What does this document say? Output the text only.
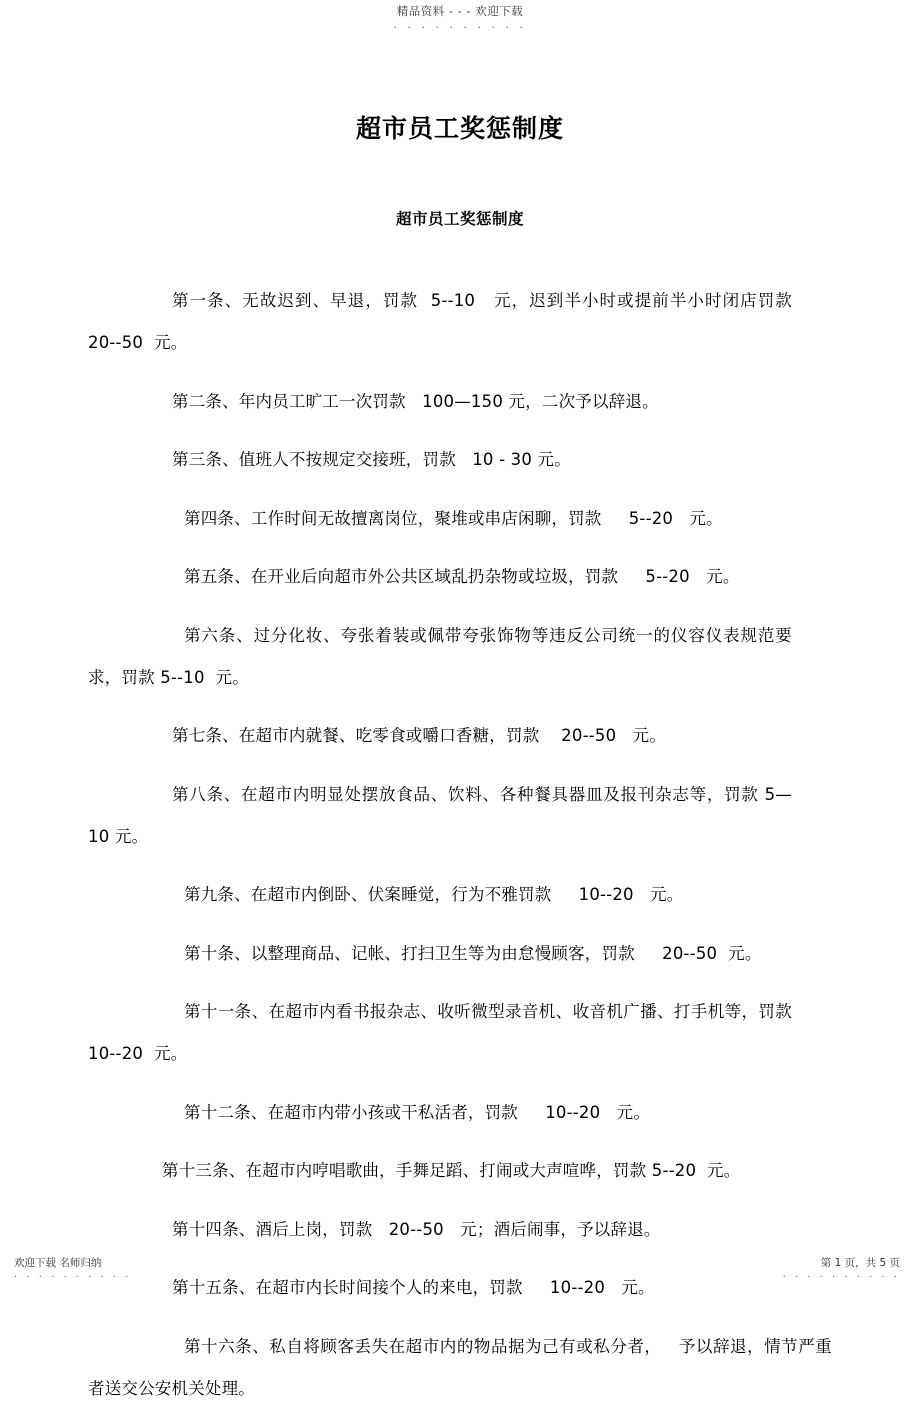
精品资料 - - - 欢迎下载
. . . . . . . . . .
超市员工奖惩制度
超市员工奖惩制度

第一条、无故迟到、早退，罚款  5--10   元，迟到半小时或提前半小时闭店罚款 20--50  元。

第二条、年内员工旷工一次罚款   100—150 元，二次予以辞退。

第三条、值班人不按规定交接班，罚款   10 - 30 元。

第四条、工作时间无故擅离岗位，聚堆或串店闲聊，罚款     5--20   元。

第五条、在开业后向超市外公共区域乱扔杂物或垃圾，罚款     5--20   元。

第六条、过分化妆、夸张着装或佩带夸张饰物等违反公司统一的仪容仪表规范要求，罚款 5--10  元。

第七条、在超市内就餐、吃零食或嚼口香糖，罚款    20--50   元。

第八条、在超市内明显处摆放食品、饮料、各种餐具器皿及报刊杂志等，罚款 5—10 元。

第九条、在超市内倒卧、伏案睡觉，行为不雅罚款     10--20   元。

第十条、以整理商品、记帐、打扫卫生等为由怠慢顾客，罚款     20--50  元。

第十一条、在超市内看书报杂志、收听微型录音机、收音机广播、打手机等，罚款 10--20  元。

第十二条、在超市内带小孩或干私活者，罚款     10--20   元。

第十三条、在超市内哼唱歌曲，手舞足蹈、打闹或大声喧哗，罚款 5--20  元。

第十四条、酒后上岗，罚款   20--50   元；酒后闹事，予以辞退。

第十五条、在超市内长时间接个人的来电，罚款     10--20   元。

第十六条、私自将顾客丢失在超市内的物品据为己有或私分者，   予以辞退，情节严重者送交公安机关处理。

欢迎下载 名师归纳
. . . . . . . . . .
第 1 页，共 5 页
. . . . . . . . . .
